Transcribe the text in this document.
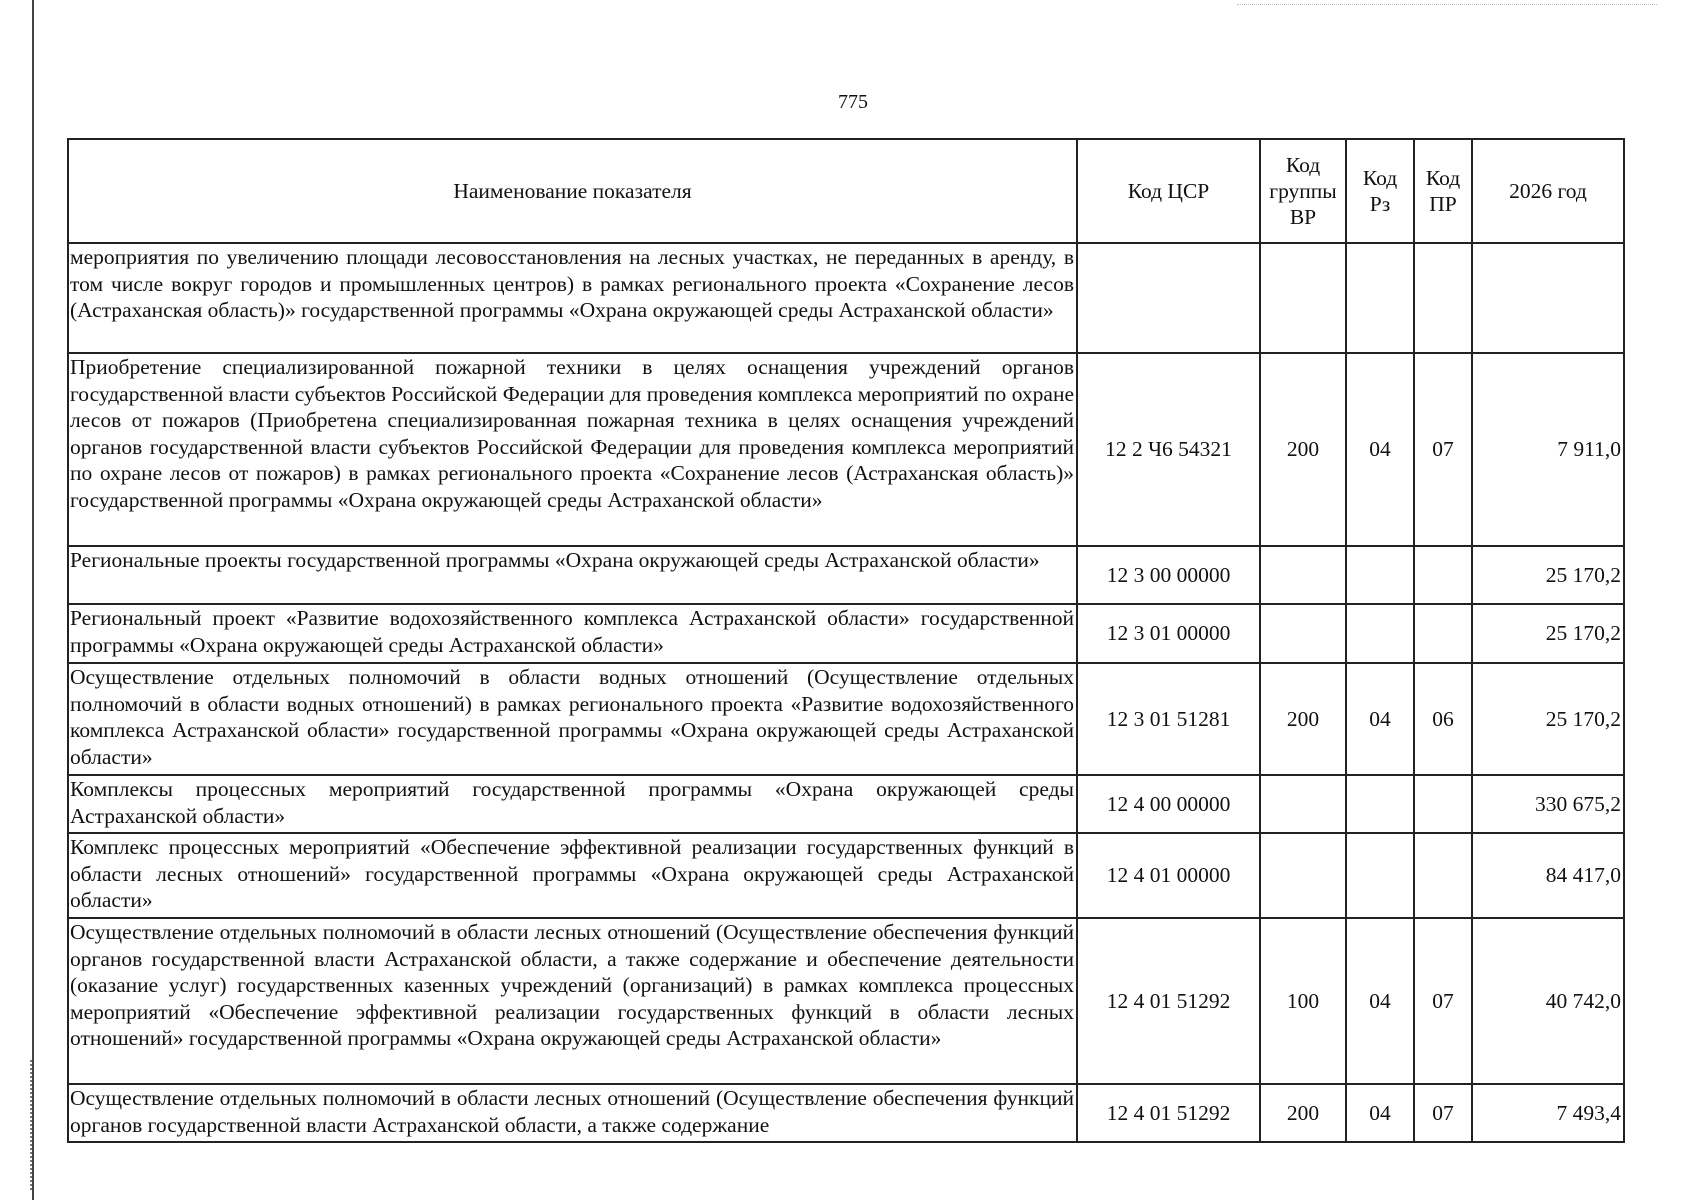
775
Наименование показателя	Код ЦСР	Код группы ВР	Код Рз	Код ПР	2026 год
мероприятия по увеличению площади лесовосстановления на лесных участках, не переданных в аренду, в том числе вокруг городов и промышленных центров) в рамках регионального проекта «Сохранение лесов (Астраханская область)» государственной программы «Охрана окружающей среды Астраханской области»					
Приобретение специализированной пожарной техники в целях оснащения учреждений органов государственной власти субъектов Российской Федерации для проведения комплекса мероприятий по охране лесов от пожаров (Приобретена специализированная пожарная техника в целях оснащения учреждений органов государственной власти субъектов Российской Федерации для проведения комплекса мероприятий по охране лесов от пожаров) в рамках регионального проекта «Сохранение лесов (Астраханская область)» государственной программы «Охрана окружающей среды Астраханской области»	12 2 Ч6 54321	200	04	07	7 911,0
Региональные проекты государственной программы «Охрана окружающей среды Астраханской области»	12 3 00 00000				25 170,2
Региональный проект «Развитие водохозяйственного комплекса Астраханской области» государственной программы «Охрана окружающей среды Астраханской области»	12 3 01 00000				25 170,2
Осуществление отдельных полномочий в области водных отношений (Осуществление отдельных полномочий в области водных отношений) в рамках регионального проекта «Развитие водохозяйственного комплекса Астраханской области» государственной программы «Охрана окружающей среды Астраханской области»	12 3 01 51281	200	04	06	25 170,2
Комплексы процессных мероприятий государственной программы «Охрана окружающей среды Астраханской области»	12 4 00 00000				330 675,2
Комплекс процессных мероприятий «Обеспечение эффективной реализации государственных функций в области лесных отношений» государственной программы «Охрана окружающей среды Астраханской области»	12 4 01 00000				84 417,0
Осуществление отдельных полномочий в области лесных отношений (Осуществление обеспечения функций органов государственной власти Астраханской области, а также содержание и обеспечение деятельности (оказание услуг) государственных казенных учреждений (организаций) в рамках комплекса процессных мероприятий «Обеспечение эффективной реализации государственных функций в области лесных отношений» государственной программы «Охрана окружающей среды Астраханской области»	12 4 01 51292	100	04	07	40 742,0
Осуществление отдельных полномочий в области лесных отношений (Осуществление обеспечения функций органов государственной власти Астраханской области, а также содержание	12 4 01 51292	200	04	07	7 493,4
